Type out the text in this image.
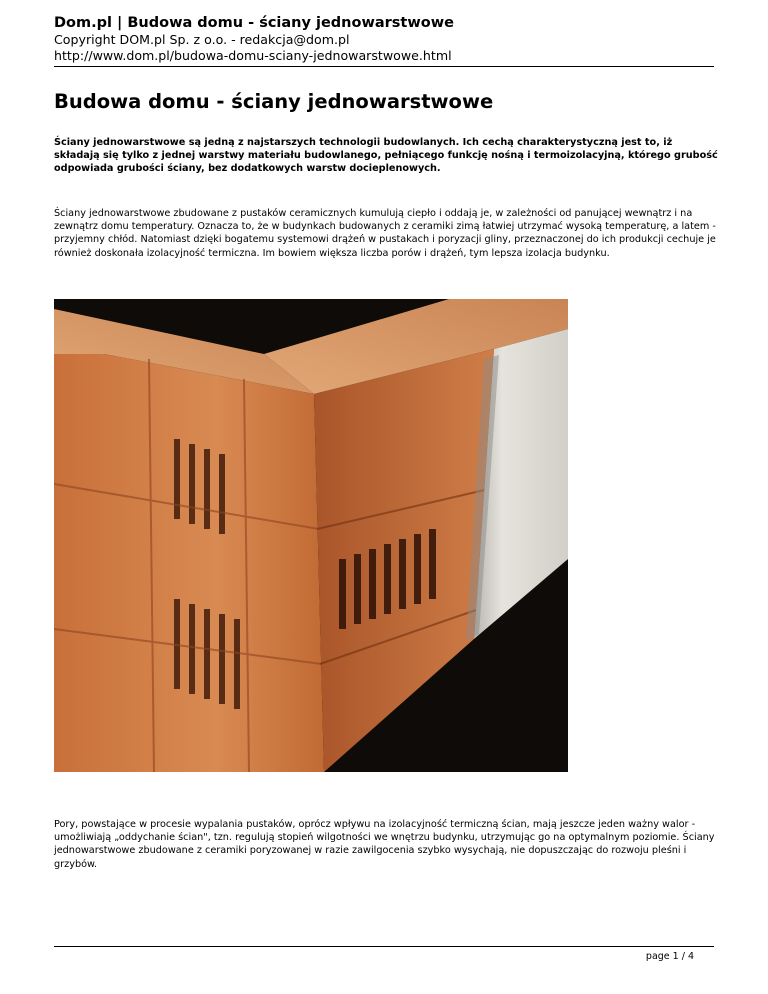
Dom.pl | Budowa domu - ściany jednowarstwowe
Copyright DOM.pl Sp. z o.o. - redakcja@dom.pl
http://www.dom.pl/budowa-domu-sciany-jednowarstwowe.html
Budowa domu - ściany jednowarstwowe

Ściany jednowarstwowe są jedną z najstarszych technologii budowlanych. Ich cechą charakterystyczną jest to, iż składają się tylko z jednej warstwy materiału budowlanego, pełniącego funkcję nośną i termoizolacyjną, którego grubość odpowiada grubości ściany, bez dodatkowych warstw docieplenowych.

Ściany jednowarstwowe zbudowane z pustaków ceramicznych kumulują ciepło i oddają je, w zależności od panującej wewnątrz i na zewnątrz domu temperatury. Oznacza to, że w budynkach budowanych z ceramiki zimą łatwiej utrzymać wysoką temperaturę, a latem - przyjemny chłód. Natomiast dzięki bogatemu systemowi drążeń w pustakach i poryzacji gliny, przeznaczonej do ich produkcji cechuje je również doskonała izolacyjność termiczna. Im bowiem większa liczba porów i drążeń, tym lepsza izolacja budynku.

Pory, powstające w procesie wypalania pustaków, oprócz wpływu na izolacyjność termiczną ścian, mają jeszcze jeden ważny walor - umożliwiają „oddychanie ścian", tzn. regulują stopień wilgotności we wnętrzu budynku, utrzymując go na optymalnym poziomie. Ściany jednowarstwowe zbudowane z ceramiki poryzowanej w razie zawilgocenia szybko wysychają, nie dopuszczając do rozwoju pleśni i grzybów.

page 1 / 4
